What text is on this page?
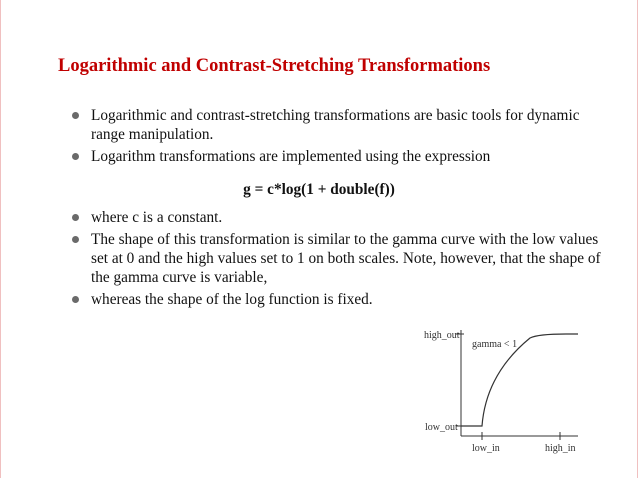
Logarithmic and Contrast-Stretching Transformations
Logarithmic and contrast-stretching transformations are basic tools for dynamic range manipulation.
Logarithm transformations are implemented using the expression
g = c*log(1 + double(f))
where c is a constant.
The shape of this transformation is similar to the gamma curve with the low values set at 0 and the high values set to 1 on both scales. Note, however, that the shape of the gamma curve is variable,
whereas the shape of the log function is fixed.
high_out
low_out
low_in	high_in
gamma < 1
